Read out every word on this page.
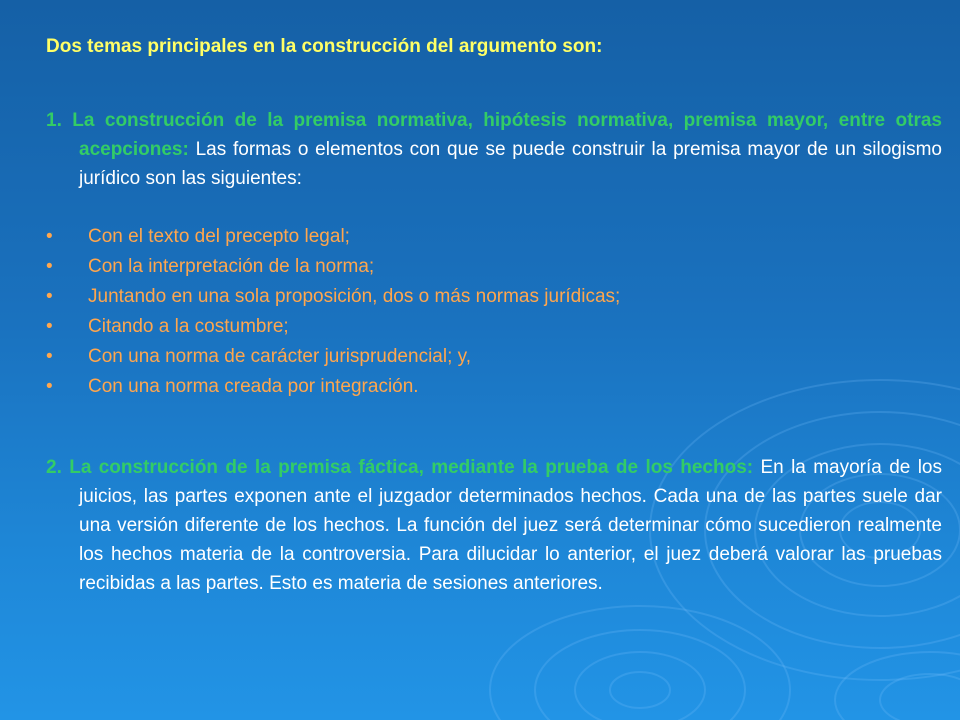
Dos temas principales en la construcción del argumento son:

1. La construcción de la premisa normativa, hipótesis normativa, premisa mayor, entre otras acepciones: Las formas o elementos con que se puede construir la premisa mayor de un silogismo jurídico son las siguientes:

• Con el texto del precepto legal;
• Con la interpretación de la norma;
• Juntando en una sola proposición, dos o más normas jurídicas;
• Citando a la costumbre;
• Con una norma de carácter jurisprudencial; y,
• Con una norma creada por integración.

2. La construcción de la premisa fáctica, mediante la prueba de los hechos: En la mayoría de los juicios, las partes exponen ante el juzgador determinados hechos. Cada una de las partes suele dar una versión diferente de los hechos. La función del juez será determinar cómo sucedieron realmente los hechos materia de la controversia. Para dilucidar lo anterior, el juez deberá valorar las pruebas recibidas a las partes. Esto es materia de sesiones anteriores.
